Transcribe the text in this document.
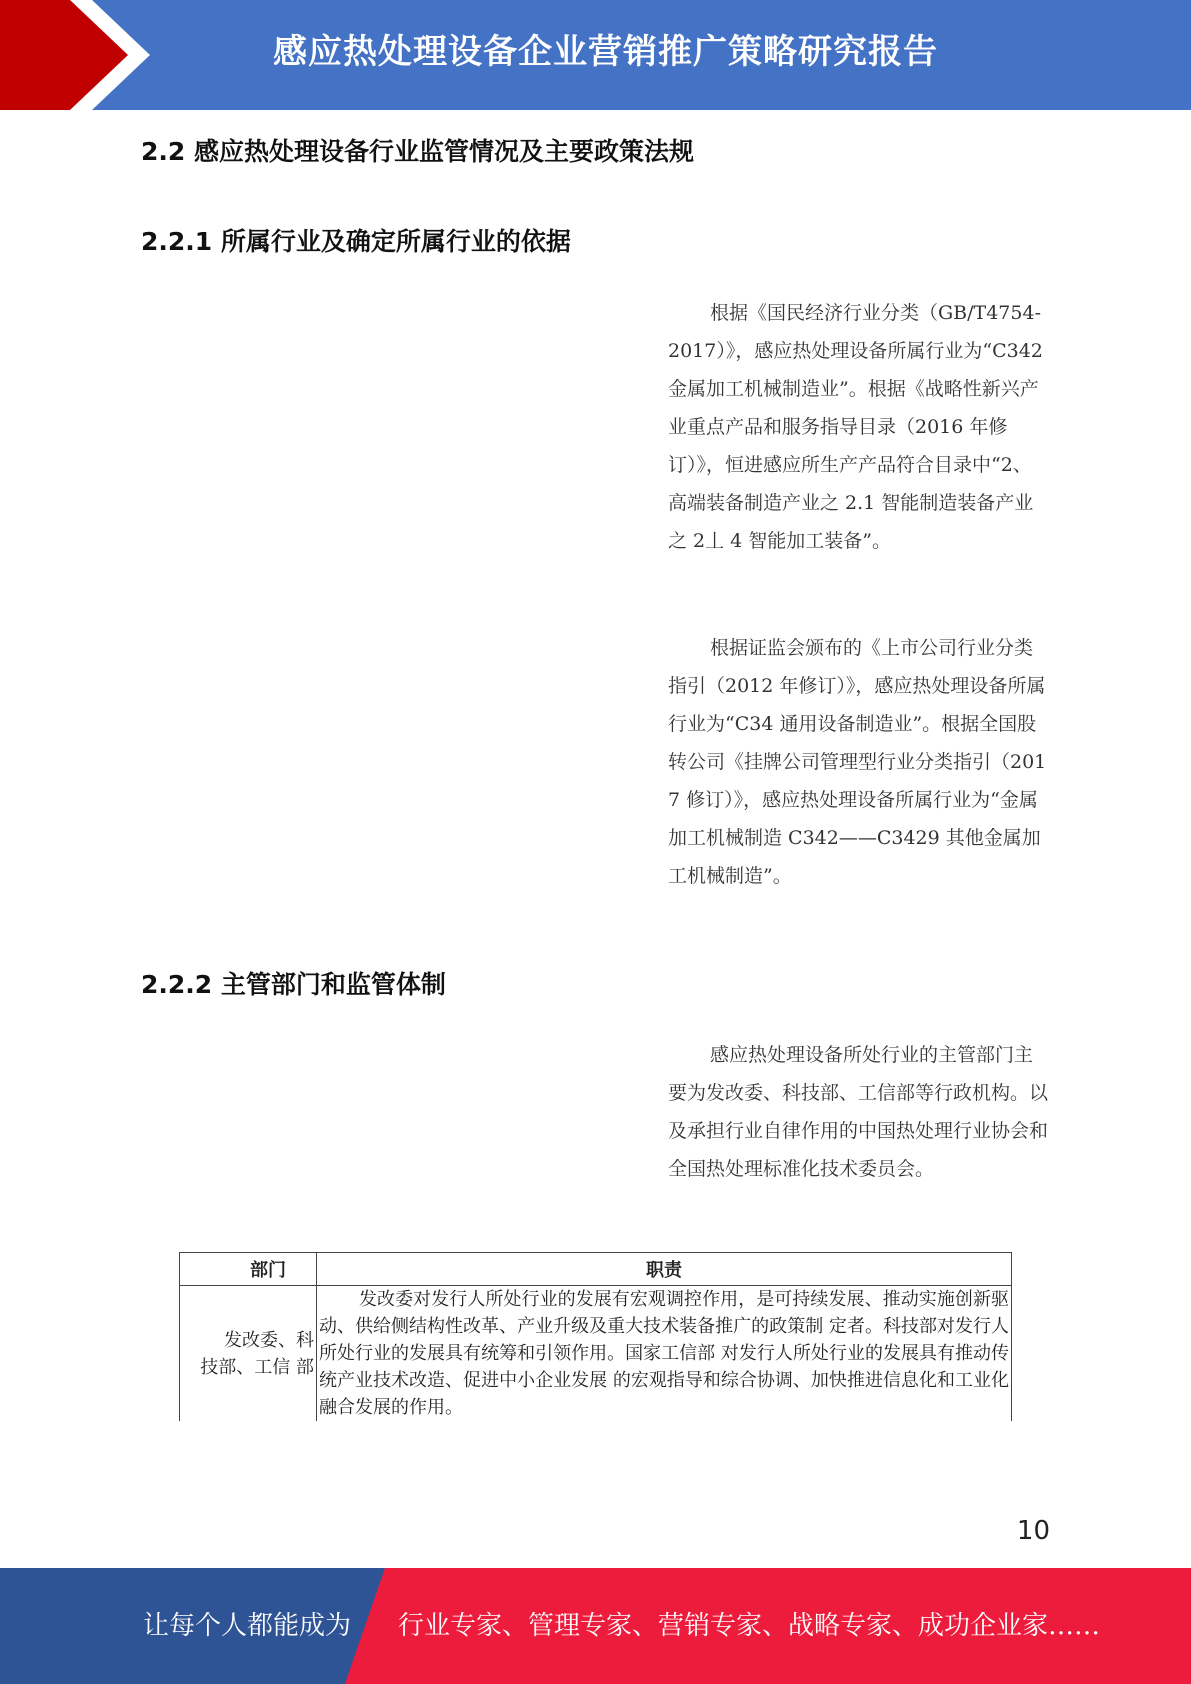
感应热处理设备企业营销推广策略研究报告
2.2 感应热处理设备行业监管情况及主要政策法规
2.2.1 所属行业及确定所属行业的依据
2.2.2 主管部门和监管体制

根据《国民经济行业分类（GB/T4754-2017）》，感应热处理设备所属行业为“C342 金属加工机械制造业”。根据《战略性新兴产业重点产品和服务指导目录（2016 年修订）》，恒进感应所生产产品符合目录中“2、高端装备制造产业之 2.1 智能制造装备产业之 2丄 4 智能加工装备”。

根据证监会颁布的《上市公司行业分类指引（2012 年修订）》，感应热处理设备所属行业为“C34 通用设备制造业”。根据全国股转公司《挂牌公司管理型行业分类指引（2017 修订）》，感应热处理设备所属行业为“金属加工机械制造 C342——C3429 其他金属加工机械制造”。

感应热处理设备所处行业的主管部门主要为发改委、科技部、工信部等行政机构。以及承担行业自律作用的中国热处理行业协会和全国热处理标准化技术委员会。

部门	职责
发改委、科技部、工信 部	发改委对发行人所处行业的发展有宏观调控作用，是可持续发展、推动实施创新驱动、供给侧结构性改革、产业升级及重大技术装备推广的政策制 定者。科技部对发行人所处行业的发展具有统筹和引领作用。国家工信部 对发行人所处行业的发展具有推动传统产业技术改造、促进中小企业发展 的宏观指导和综合协调、加快推进信息化和工业化融合发展的作用。
10
让每个人都能成为 行业专家、管理专家、营销专家、战略专家、成功企业家……
